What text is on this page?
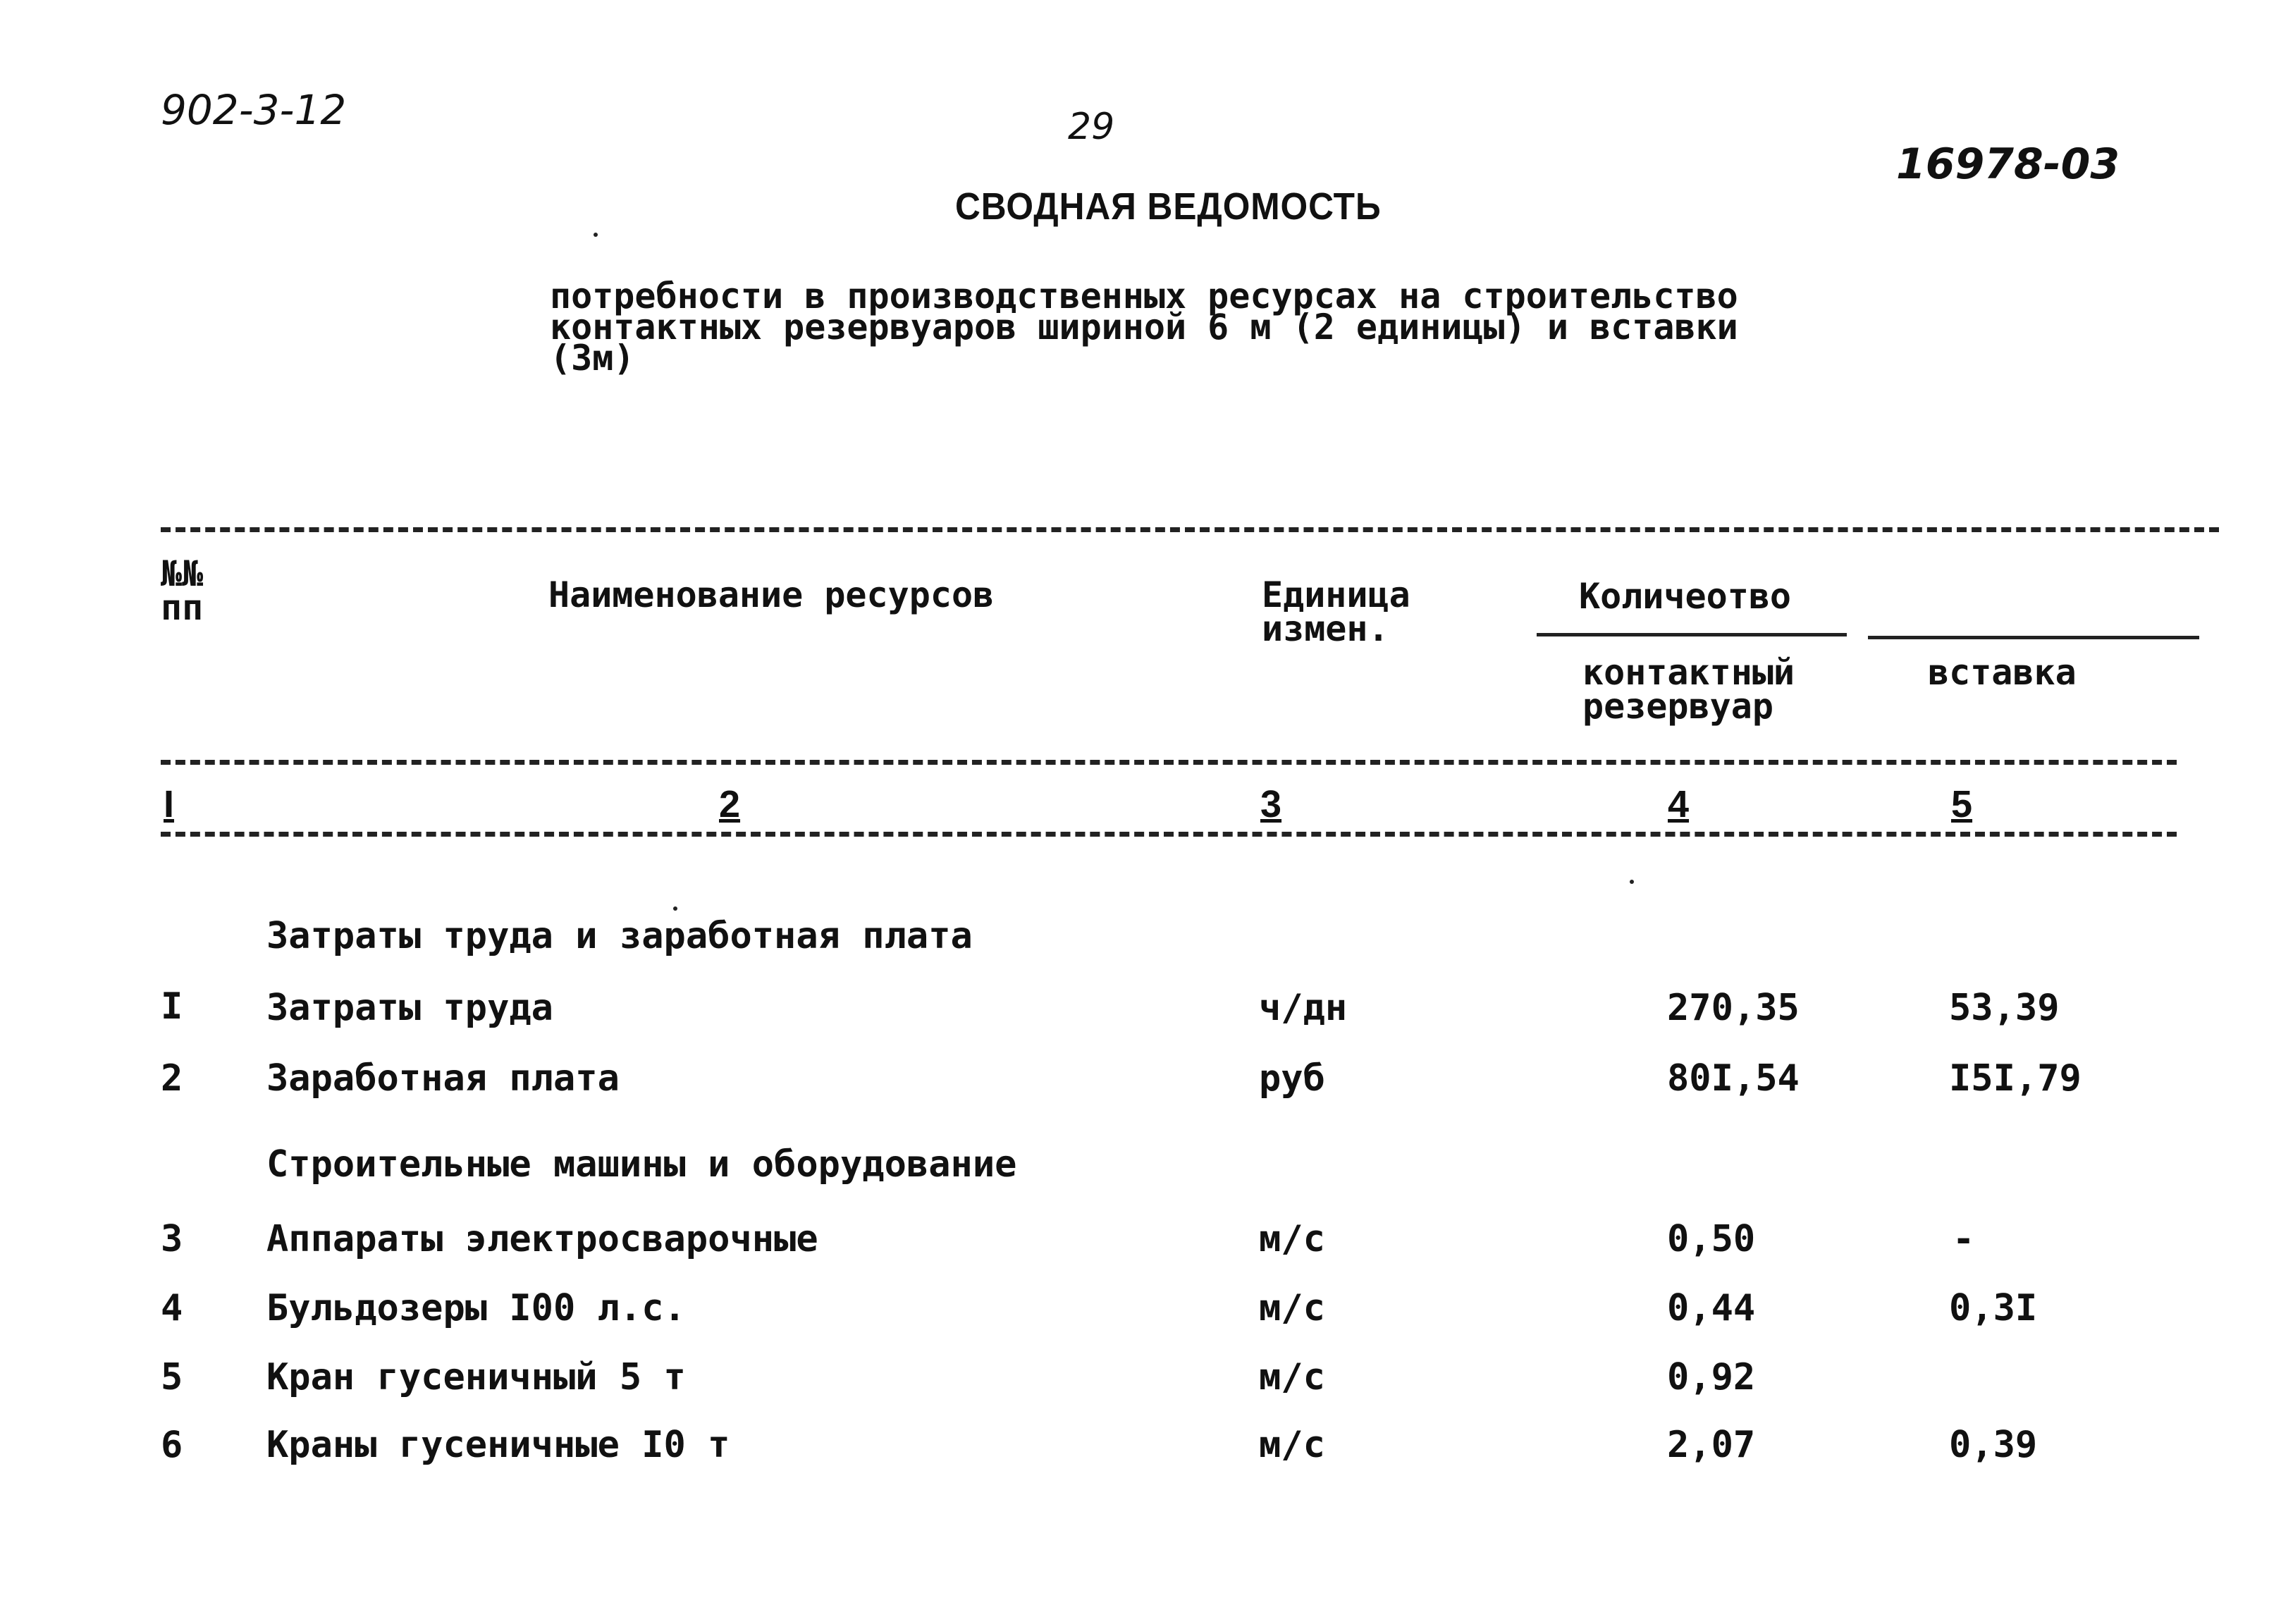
902-3-12	29
16978-03
СВОДНАЯ ВЕДОМОСТЬ
потребности в производственных ресурсах на строительство
контактных резервуаров шириной 6 м (2 единицы) и вставки
(3м)
№№
пп	Наименование ресурсов	Единица
измен.
Количеотво
контактный
резервуар
вставка
I	2	3	4	5
Затраты труда и заработная плата
I Затраты труда	ч/дн	270,35	53,39
2 Заработная плата	руб	80I,54	I5I,79
Строительные машины и оборудование
3 Аппараты электросварочные	м/с	0,50	-
4 Бульдозеры I00 л.с.	м/с	0,44	0,3I
5 Кран гусеничный 5 т	м/с	0,92
6 Краны гусеничные I0 т	м/с	2,07	0,39
